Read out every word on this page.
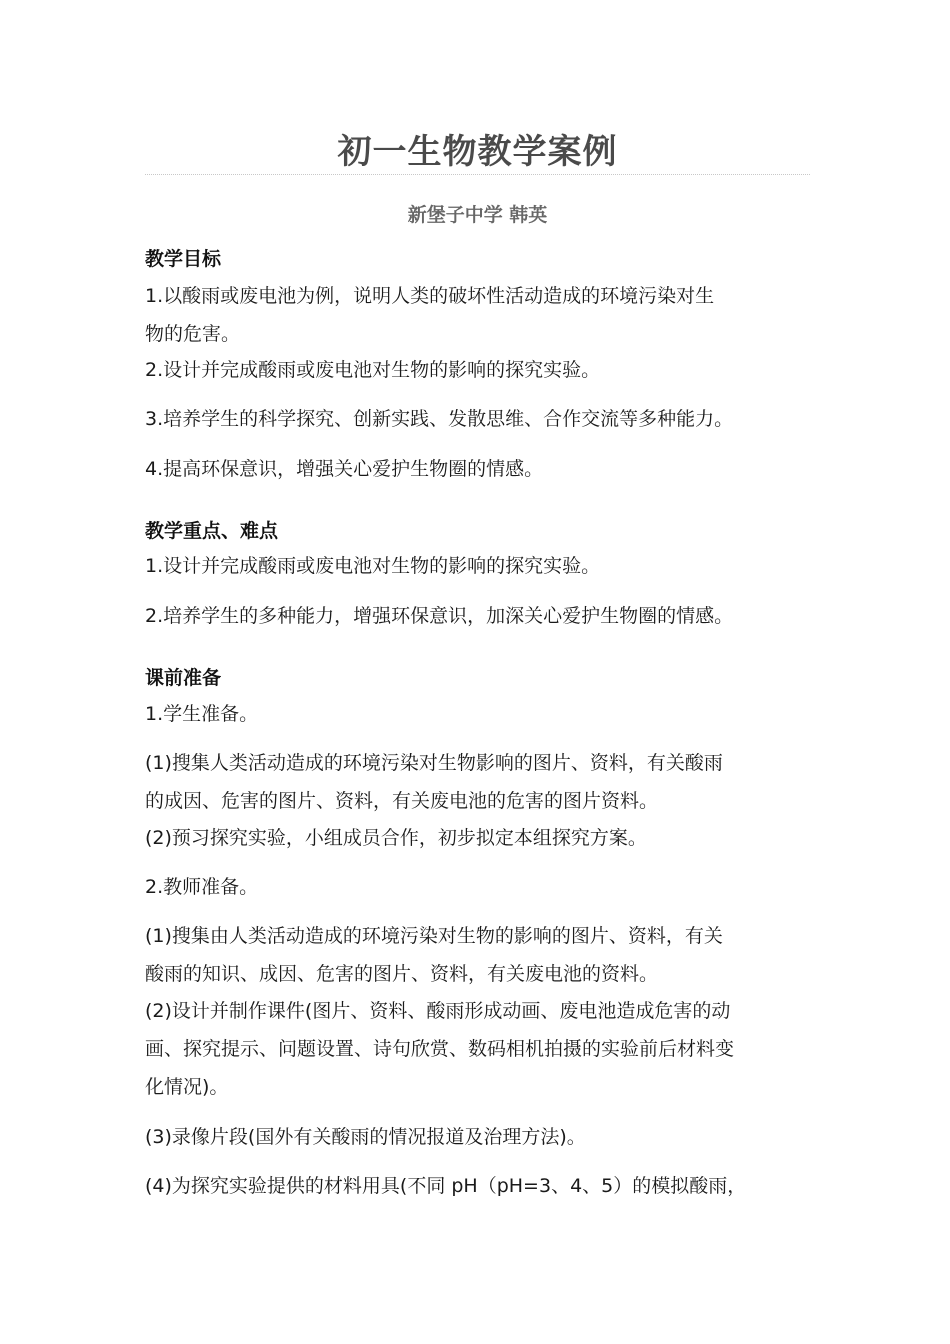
初一生物教学案例
新堡子中学 韩英
教学目标
1.以酸雨或废电池为例，说明人类的破坏性活动造成的环境污染对生
物的危害。
2.设计并完成酸雨或废电池对生物的影响的探究实验。
3.培养学生的科学探究、创新实践、发散思维、合作交流等多种能力。
4.提高环保意识，增强关心爱护生物圈的情感。
教学重点、难点
1.设计并完成酸雨或废电池对生物的影响的探究实验。
2.培养学生的多种能力，增强环保意识，加深关心爱护生物圈的情感。
课前准备
1.学生准备。
(1)搜集人类活动造成的环境污染对生物影响的图片、资料，有关酸雨
的成因、危害的图片、资料，有关废电池的危害的图片资料。
(2)预习探究实验，小组成员合作，初步拟定本组探究方案。
2.教师准备。
(1)搜集由人类活动造成的环境污染对生物的影响的图片、资料，有关
酸雨的知识、成因、危害的图片、资料，有关废电池的资料。
(2)设计并制作课件(图片、资料、酸雨形成动画、废电池造成危害的动
画、探究提示、问题设置、诗句欣赏、数码相机拍摄的实验前后材料变
化情况)。
(3)录像片段(国外有关酸雨的情况报道及治理方法)。
(4)为探究实验提供的材料用具(不同 pH（pH=3、4、5）的模拟酸雨，
